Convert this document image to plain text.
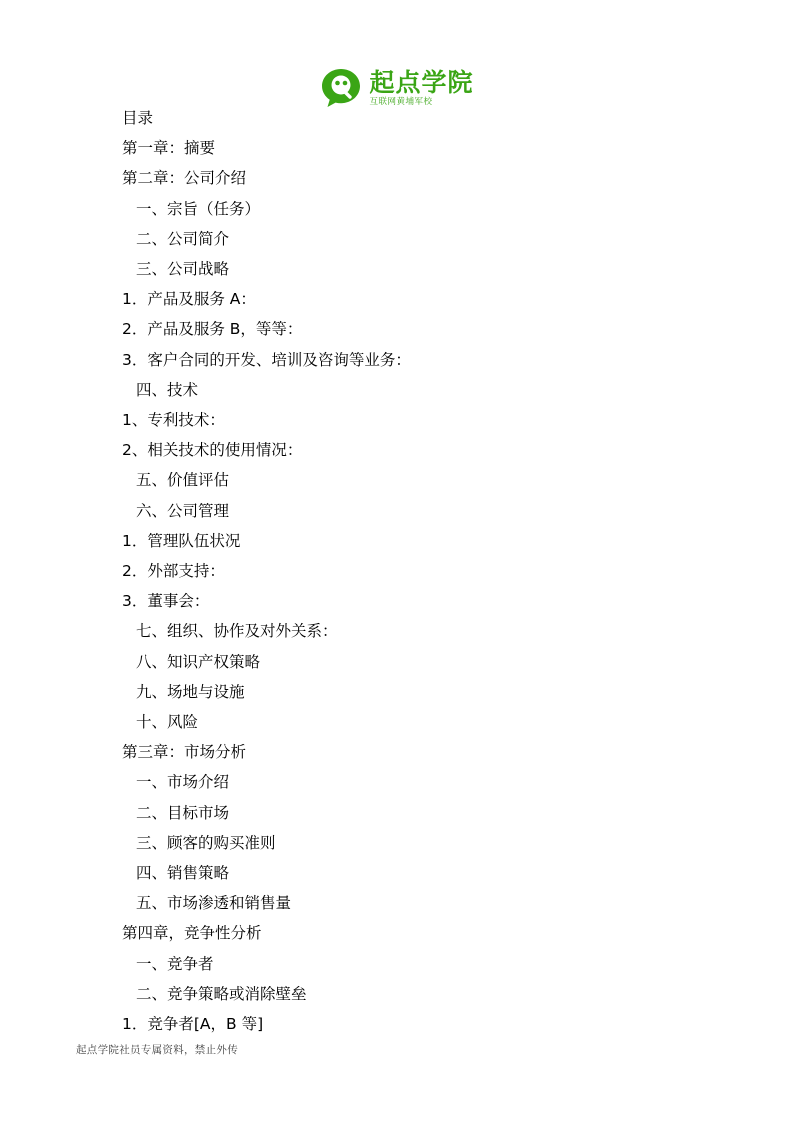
起点学院
互联网黄埔军校
目录
第一章：摘要
第二章：公司介绍
一、宗旨（任务）
二、公司简介
三、公司战略
1．产品及服务 A：
2．产品及服务 B，等等：
3．客户合同的开发、培训及咨询等业务：
四、技术
1、专利技术：
2、相关技术的使用情况：
五、价值评估
六、公司管理
1．管理队伍状况
2．外部支持：
3．董事会：
七、组织、协作及对外关系：
八、知识产权策略
九、场地与设施
十、风险
第三章：市场分析
一、市场介绍
二、目标市场
三、顾客的购买准则
四、销售策略
五、市场渗透和销售量
第四章，竞争性分析
一、竞争者
二、竞争策略或消除壁垒
1．竞争者[A，B 等]
起点学院社员专属资料，禁止外传
